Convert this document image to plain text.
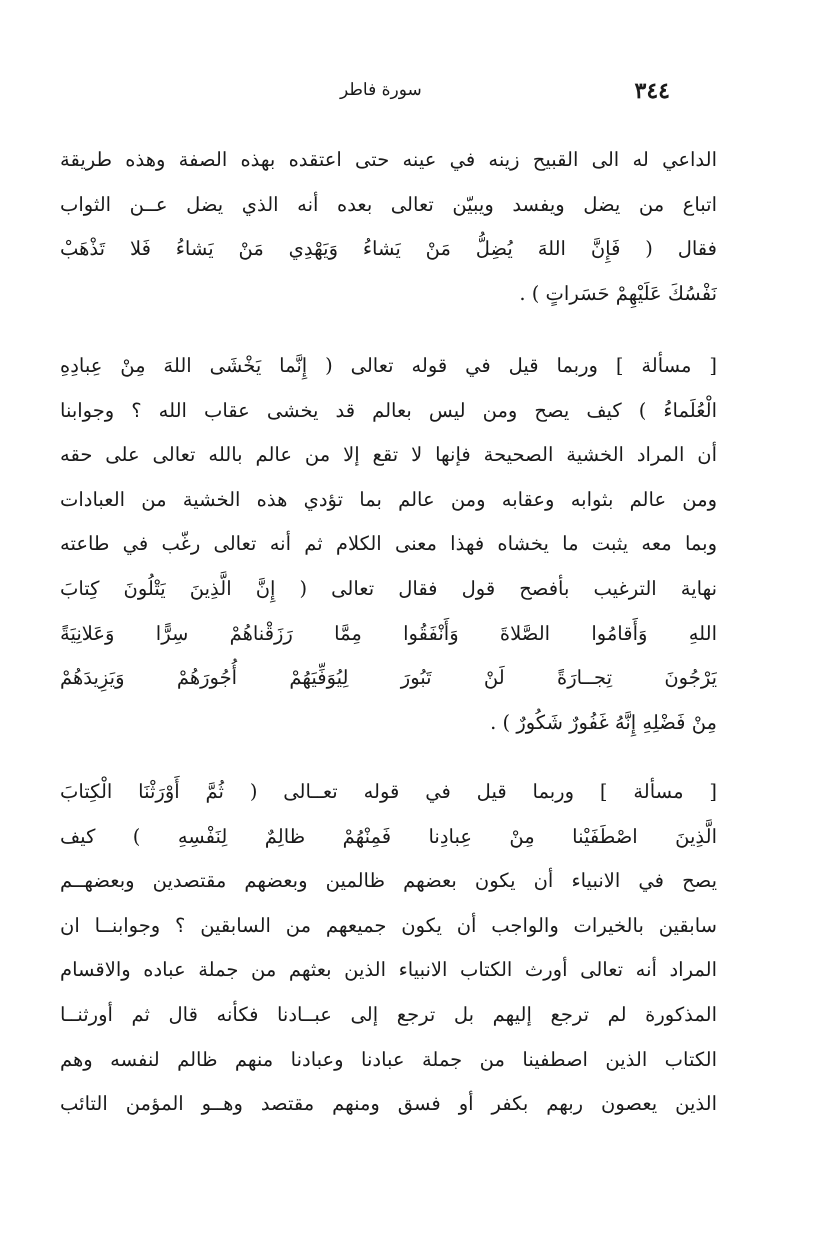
٣٤٤
سورة فاطر
الداعي له الى القبيح زينه في عينه حتى اعتقده بهذه الصفة وهذه طريقة
اتباع من يضل ويفسد ويبيّن تعالى بعده أنه الذي يضل عــن الثواب
فقال ( فَإِنَّ اللهَ يُضِلُّ مَنْ يَشاءُ وَيَهْدِي مَنْ يَشاءُ فَلا تَذْهَبْ
نَفْسُكَ عَلَيْهِمْ حَسَراتٍ ) .
[ مسألة ] وربما قيل في قوله تعالى ( إِنَّما يَخْشَى اللهَ مِنْ عِبادِهِ
الْعُلَماءُ ) كيف يصح ومن ليس بعالم قد يخشى عقاب الله ؟ وجوابنا
أن المراد الخشية الصحيحة فإنها لا تقع إلا من عالم بالله تعالى على حقه
ومن عالم بثوابه وعقابه ومن عالم بما تؤدي هذه الخشية من العبادات
وبما معه يثبت ما يخشاه فهذا معنى الكلام ثم أنه تعالى رغّب في طاعته
نهاية الترغيب بأفصح قول فقال تعالى ( إِنَّ الَّذِينَ يَتْلُونَ كِتابَ
اللهِ وَأَقامُوا الصَّلاةَ وَأَنْفَقُوا مِمَّا رَزَقْناهُمْ سِرًّا وَعَلانِيَةً
يَرْجُونَ تِجــارَةً لَنْ تَبُورَ لِيُوَفِّيَهُمْ أُجُورَهُمْ وَيَزِيدَهُمْ
مِنْ فَضْلِهِ إِنَّهُ غَفُورٌ شَكُورٌ ) .
[ مسألة ] وربما قيل في قوله تعــالى ( ثُمَّ أَوْرَثْنَا الْكِتابَ
الَّذِينَ اصْطَفَيْنا مِنْ عِبادِنا فَمِنْهُمْ ظالِمٌ لِنَفْسِهِ ) كيف
يصح في الانبياء أن يكون بعضهم ظالمين وبعضهم مقتصدين وبعضهــم
سابقين بالخيرات والواجب أن يكون جميعهم من السابقين ؟ وجوابنــا ان
المراد أنه تعالى أورث الكتاب الانبياء الذين بعثهم من جملة عباده والاقسام
المذكورة لم ترجع إليهم بل ترجع إلى عبــادنا فكأنه قال ثم أورثنــا
الكتاب الذين اصطفينا من جملة عبادنا وعبادنا منهم ظالم لنفسه وهم
الذين يعصون ربهم بكفر أو فسق ومنهم مقتصد وهــو المؤمن التائب
